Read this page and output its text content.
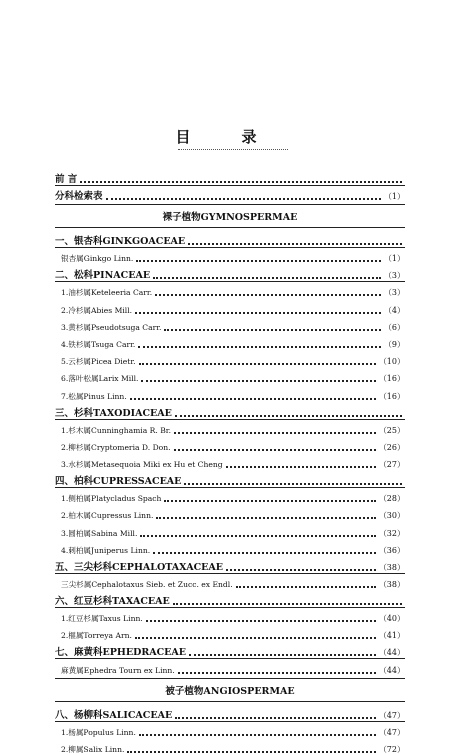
目　录
前 言
分科检索表	（1）
裸子植物GYMNOSPERMAE
一、银杏科GINKGOACEAE
银杏属Ginkgo Linn.	（1）
二、松科PINACEAE	（3）
1.油杉属Keteleeria Carr.	（3）
2.冷杉属Abies Mill.	（4）
3.黄杉属Pseudotsuga Carr.	（6）
4.铁杉属Tsuga Carr.	（9）
5.云杉属Picea Dietr.	（10）
6.落叶松属Larix Mill.	（16）
7.松属Pinus Linn.	（16）
三、杉科TAXODIACEAE
1.杉木属Cunninghamia R. Br.	（25）
2.柳杉属Cryptomeria D. Don.	（26）
3.水杉属Metasequoia Miki ex Hu et Cheng	（27）
四、柏科CUPRESSACEAE
1.侧柏属Platycladus Spach	（28）
2.柏木属Cupressus Linn.	（30）
3.圆柏属Sabina Mill.	（32）
4.刺柏属Juniperus Linn.	（36）
五、三尖杉科CEPHALOTAXACEAE	（38）
三尖杉属Cephalotaxus Sieb. et Zucc. ex Endl.	（38）
六、红豆杉科TAXACEAE
1.红豆杉属Taxus Linn.	（40）
2.榧属Torreya Arn.	（41）
七、麻黄科EPHEDRACEAE	（44）
麻黄属Ephedra Tourn ex Linn.	（44）
被子植物ANGIOSPERMAE
八、杨柳科SALICACEAE	（47）
1.杨属Populus Linn.	（47）
2.柳属Salix Linn.	（72）
